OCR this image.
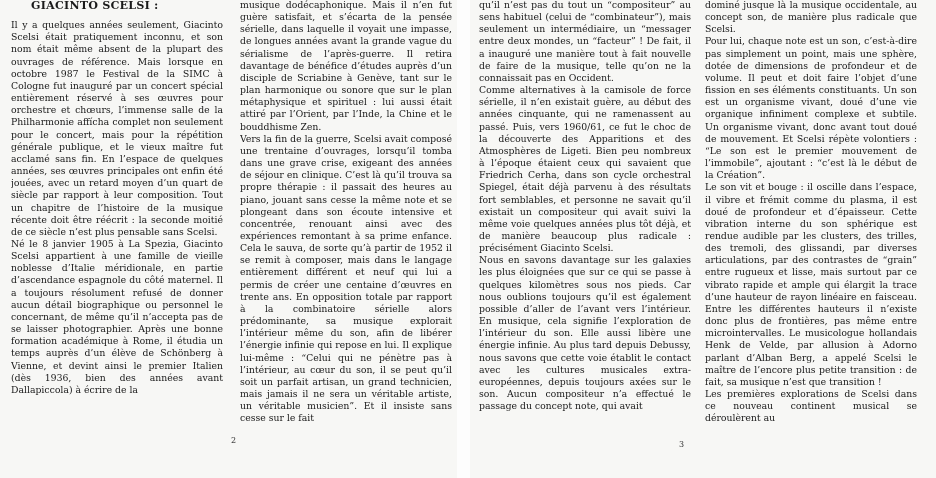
GIACINTO SCELSI :

Il y a quelques années seulement, Giacinto Scelsi était pratiquement inconnu, et son nom était même absent de la plupart des ouvrages de référence. Mais lorsque en octobre 1987 le Festival de la SIMC à Cologne fut inauguré par un concert spécial entièrement réservé à ses œuvres pour orchestre et chœurs, l’immense salle de la Philharmonie affícha complet non seulement pour le concert, mais pour la répétition générale publique, et le vieux maître fut acclamé sans fin. En l’espace de quelques années, ses œuvres principales ont enfin été jouées, avec un retard moyen d’un quart de siècle par rapport à leur composition. Tout un chapitre de l’histoire de la musique récente doit être réécrit : la seconde moitié de ce siècle n’est plus pensable sans Scelsi.

Né le 8 janvier 1905 à La Spezia, Giacinto Scelsi appartient à une famille de vieille noblesse d’Italie méridionale, en partie d’ascendance espagnole du côté maternel. Il a toujours résolument refusé de donner aucun détail biographique ou personnel le concernant, de même qu’il n’accepta pas de se laisser photographier. Après une bonne formation académique à Rome, il étudia un temps auprès d’un élève de Schönberg à Vienne, et devint ainsi le premier Italien (dès 1936, bien des années avant Dallapiccola) à écrire de la

musique dodécaphonique. Mais il n’en fut guère satisfait, et s’écarta de la pensée sérielle, dans laquelle il voyait une impasse, de longues années avant la grande vague du sérialisme de l’après-guerre. Il retira davantage de bénéfice d’études auprès d’un disciple de Scriabine à Genève, tant sur le plan harmonique ou sonore que sur le plan métaphysique et spirituel : lui aussi était attiré par l’Orient, par l’Inde, la Chine et le bouddhisme Zen.

Vers la fin de la guerre, Scelsi avait composé une trentaine d’ouvrages, lorsqu’il tomba dans une grave crise, exigeant des années de séjour en clinique. C’est là qu’il trouva sa propre thérapie : il passait des heures au piano, jouant sans cesse la même note et se plongeant dans son écoute intensive et concentrée, renouant ainsi avec des expériences remontant à sa prime enfance. Cela le sauva, de sorte qu’à partir de 1952 il se remit à composer, mais dans le langage entièrement différent et neuf qui lui a permis de créer une centaine d’œuvres en trente ans. En opposition totale par rapport à la combinatoire sérielle alors prédominante, sa musique explorait l’intérieur même du son, afin de libérer l’énergie infinie qui repose en lui. Il explique lui-même : “Celui qui ne pénètre pas à l’intérieur, au cœur du son, il se peut qu’il soit un parfait artisan, un grand technicien, mais jamais il ne sera un véritable artiste, un véritable musicien”. Et il insiste sans cesse sur le fait

2

qu’il n’est pas du tout un “compositeur” au sens habituel (celui de “combinateur”), mais seulement un intermédiaire, un “messager entre deux mondes, un “facteur” ! De fait, il a inauguré une manière tout à fait nouvelle de faire de la musique, telle qu’on ne la connaissait pas en Occident.

Comme alternatives à la camisole de force sérielle, il n’en existait guère, au début des années cinquante, qui ne ramenassent au passé. Puis, vers 1960/61, ce fut le choc de la découverte des Apparitions et des Atmosphères de Ligeti. Bien peu nombreux à l’époque étaient ceux qui savaient que Friedrich Cerha, dans son cycle orchestral Spiegel, était déjà parvenu à des résultats fort semblables, et personne ne savait qu’il existait un compositeur qui avait suivi la même voie quelques années plus tôt déjà, et de manière beaucoup plus radicale : précisément Giacinto Scelsi.

Nous en savons davantage sur les galaxies les plus éloignées que sur ce qui se passe à quelques kilomètres sous nos pieds. Car nous oublions toujours qu’il est également possible d’aller de l’avant vers l’intérieur. En musique, cela signifie l’exploration de l’intérieur du son. Elle aussi libère une énergie infinie. Au plus tard depuis Debussy, nous savons que cette voie établit le contact avec les cultures musicales extra-européennes, depuis toujours axées sur le son. Aucun compositeur n’a effectué le passage du concept note, qui avait

dominé jusque là la musique occidentale, au concept son, de manière plus radicale que Scelsi.

Pour lui, chaque note est un son, c’est-à-dire pas simplement un point, mais une sphère, dotée de dimensions de profondeur et de volume. Il peut et doit faire l’objet d’une fission en ses éléments constituants. Un son est un organisme vivant, doué d’une vie organique infiniment complexe et subtile. Un organisme vivant, donc avant tout doué de mouvement. Et Scelsi répète volontiers : “Le son est le premier mouvement de l’immobile”, ajoutant : “c’est là le début de la Création”.

Le son vit et bouge : il oscille dans l’espace, il vibre et frémit comme du plasma, il est doué de profondeur et d’épaisseur. Cette vibration interne du son sphérique est rendue audible par les clusters, des trilles, des tremoli, des glissandi, par diverses articulations, par des contrastes de “grain” entre rugueux et lisse, mais surtout par ce vibrato rapide et ample qui élargit la trace d’une hauteur de rayon linéaire en faisceau. Entre les différentes hauteurs il n’existe donc plus de frontières, pas même entre microintervalles. Le musicologue hollandais Henk de Velde, par allusion à Adorno parlant d’Alban Berg, a appelé Scelsi le maître de l’encore plus petite transition : de fait, sa musique n’est que transition !

Les premières explorations de Scelsi dans ce nouveau continent musical se déroulèrent au

3
